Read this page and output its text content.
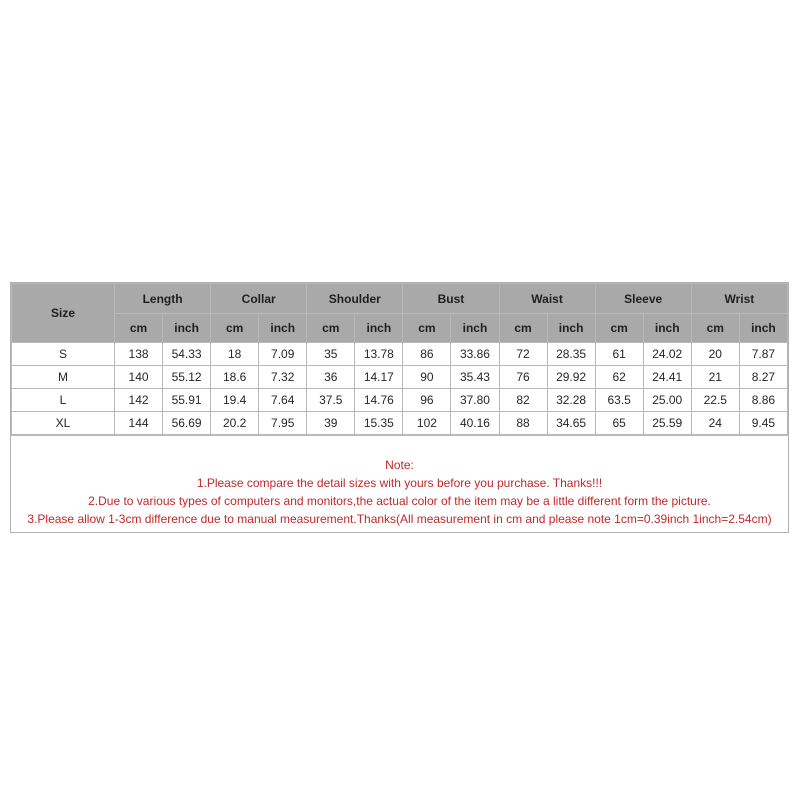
Size	Length		Collar		Shoulder		Bust		Waist		Sleeve		Wrist	
	cm	inch	cm	inch	cm	inch	cm	inch	cm	inch	cm	inch	cm	inch
S	138	54.33	18	7.09	35	13.78	86	33.86	72	28.35	61	24.02	20	7.87
M	140	55.12	18.6	7.32	36	14.17	90	35.43	76	29.92	62	24.41	21	8.27
L	142	55.91	19.4	7.64	37.5	14.76	96	37.80	82	32.28	63.5	25.00	22.5	8.86
XL	144	56.69	20.2	7.95	39	15.35	102	40.16	88	34.65	65	25.59	24	9.45
Note:
1.Please compare the detail sizes with yours before you purchase. Thanks!!!
2.Due to various types of computers and monitors,the actual color of the item may be a little different form the picture.
3.Please allow 1-3cm difference due to manual measurement.Thanks(All measurement in cm and please note 1cm=0.39inch 1inch=2.54cm)
